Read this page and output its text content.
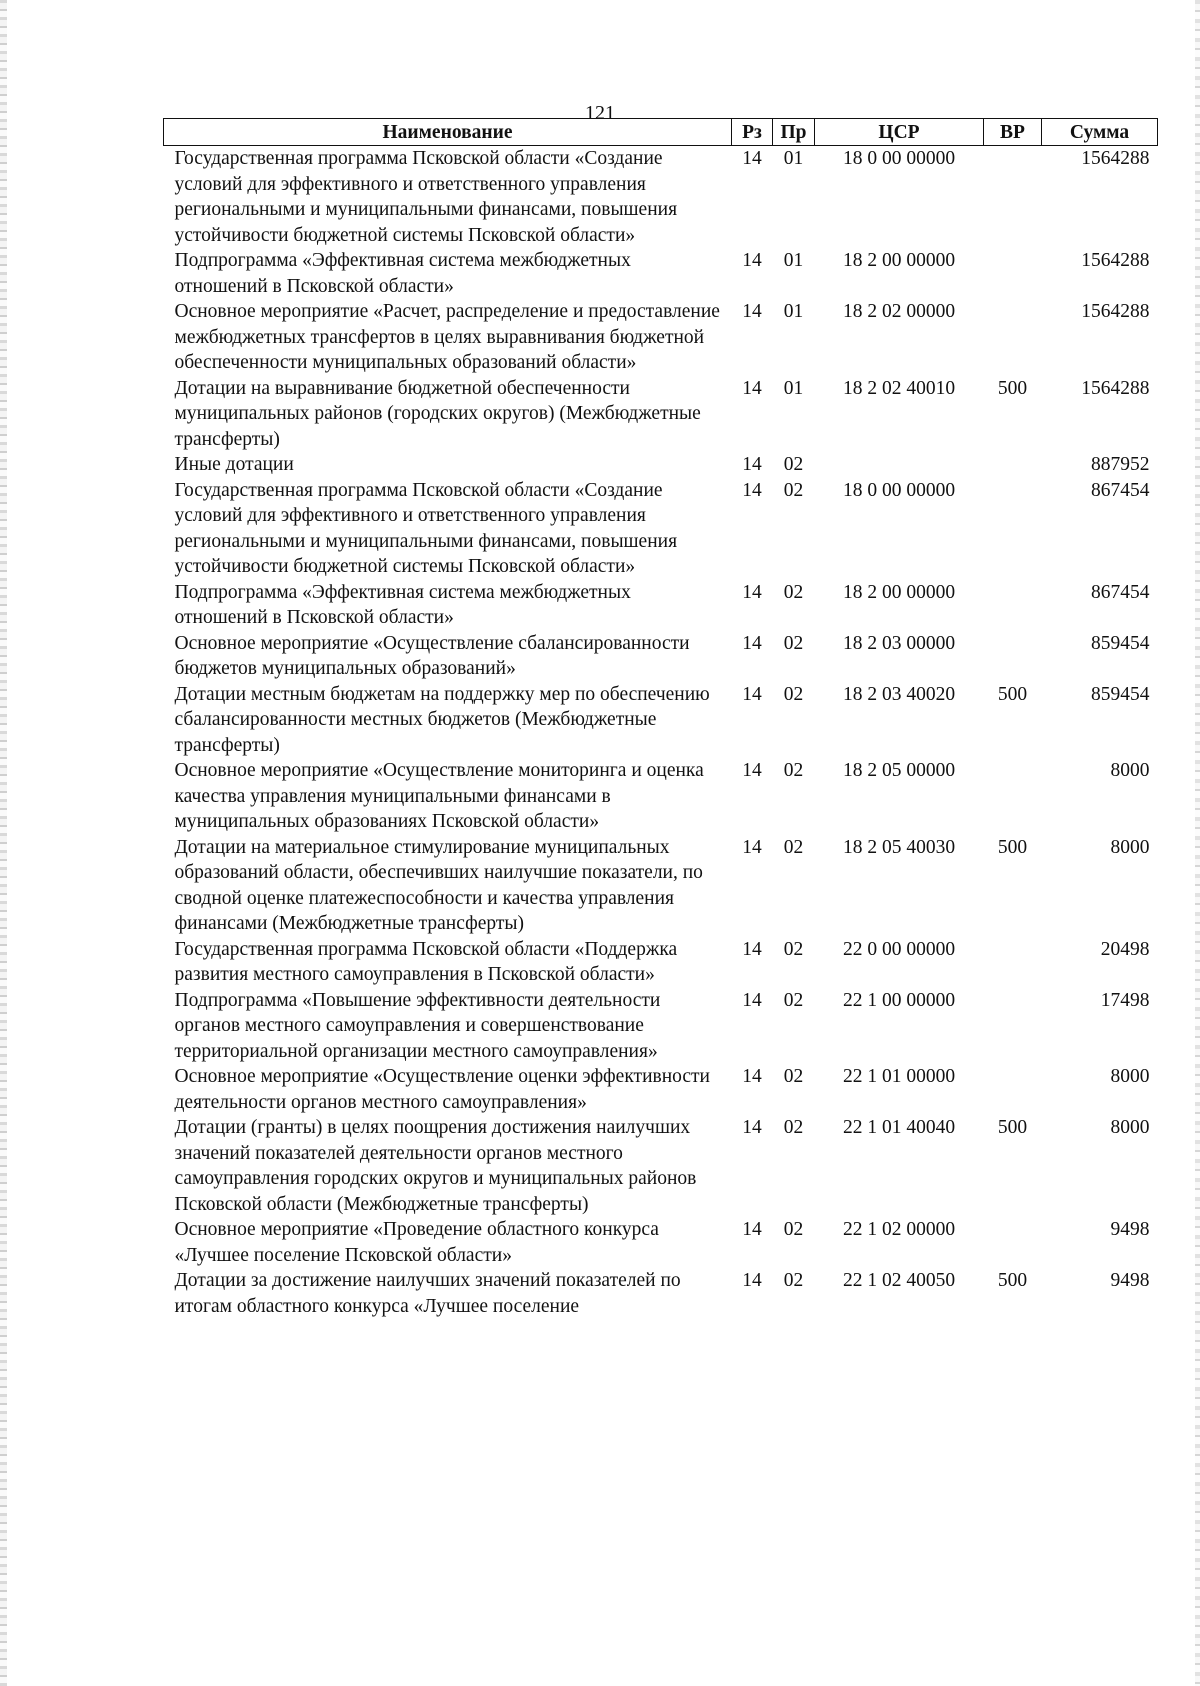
121
Наименование	Рз	Пр	ЦСР	ВР	Сумма
Государственная программа Псковской области «Создание условий для эффективного и ответственного управления региональными и муниципальными финансами, повышения устойчивости бюджетной системы Псковской области»	14	01	18 0 00 00000		1564288
Подпрограмма «Эффективная система межбюджетных отношений в Псковской области»	14	01	18 2 00 00000		1564288
Основное мероприятие «Расчет, распределение и предоставление межбюджетных трансфертов в целях выравнивания бюджетной обеспеченности муниципальных образований области»	14	01	18 2 02 00000		1564288
Дотации на выравнивание бюджетной обеспеченности муниципальных районов (городских округов) (Межбюджетные трансферты)	14	01	18 2 02 40010	500	1564288
Иные дотации	14	02			887952
Государственная программа Псковской области «Создание условий для эффективного и ответственного управления региональными и муниципальными финансами, повышения устойчивости бюджетной системы Псковской области»	14	02	18 0 00 00000		867454
Подпрограмма «Эффективная система межбюджетных отношений в Псковской области»	14	02	18 2 00 00000		867454
Основное мероприятие «Осуществление сбалансированности бюджетов муниципальных образований»	14	02	18 2 03 00000		859454
Дотации местным бюджетам на поддержку мер по обеспечению сбалансированности местных бюджетов (Межбюджетные трансферты)	14	02	18 2 03 40020	500	859454
Основное мероприятие «Осуществление мониторинга и оценка качества управления муниципальными финансами в муниципальных образованиях Псковской области»	14	02	18 2 05 00000		8000
Дотации на материальное стимулирование муниципальных образований области, обеспечивших наилучшие показатели, по сводной оценке платежеспособности и качества управления финансами (Межбюджетные трансферты)	14	02	18 2 05 40030	500	8000
Государственная программа Псковской области «Поддержка развития местного самоуправления в Псковской области»	14	02	22 0 00 00000		20498
Подпрограмма «Повышение эффективности деятельности органов местного самоуправления и совершенствование территориальной организации местного самоуправления»	14	02	22 1 00 00000		17498
Основное мероприятие «Осуществление оценки эффективности деятельности органов местного самоуправления»	14	02	22 1 01 00000		8000
Дотации (гранты) в целях поощрения достижения наилучших значений показателей деятельности органов местного самоуправления городских округов и муниципальных районов Псковской области (Межбюджетные трансферты)	14	02	22 1 01 40040	500	8000
Основное мероприятие «Проведение областного конкурса «Лучшее поселение Псковской области»	14	02	22 1 02 00000		9498
Дотации за достижение наилучших значений показателей по итогам областного конкурса «Лучшее поселение	14	02	22 1 02 40050	500	9498
